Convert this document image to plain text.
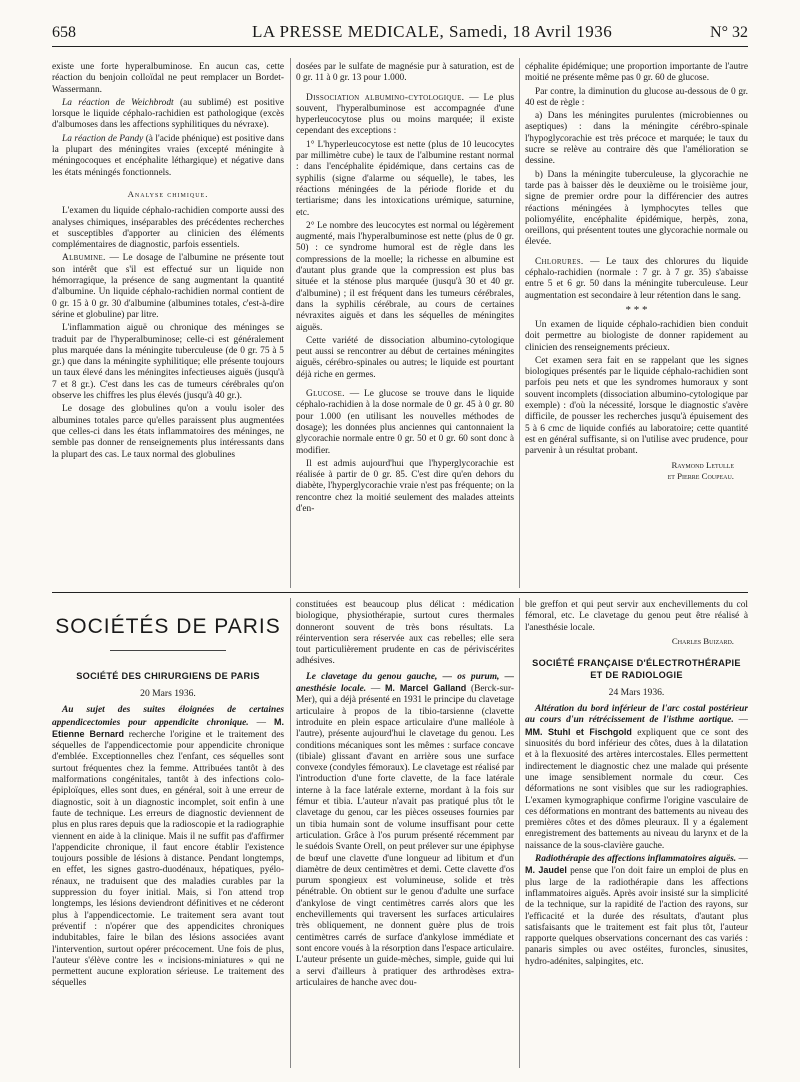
658	LA PRESSE MEDICALE, Samedi, 18 Avril 1936	N° 32

existe une forte hyperalbuminose. En aucun cas, cette réaction du benjoin colloïdal ne peut remplacer un Bordet-Wassermann.

La réaction de Weichbrodt (au sublimé) est positive lorsque le liquide céphalo-rachidien est pathologique (excès d'albumoses dans les affections syphilitiques du névraxe).

La réaction de Pandy (à l'acide phénique) est positive dans la plupart des méningites vraies (excepté méningite à méningocoques et encéphalite léthargique) et négative dans les états méningés fonctionnels.

Analyse chimique.

L'examen du liquide céphalo-rachidien comporte aussi des analyses chimiques, inséparables des précédentes recherches et susceptibles d'apporter au clinicien des éléments complémentaires de diagnostic, parfois essentiels.

Albumine. — Le dosage de l'albumine ne présente tout son intérêt que s'il est effectué sur un liquide non hémorragique, la présence de sang augmentant la quantité d'albumine. Un liquide céphalo-rachidien normal contient de 0 gr. 15 à 0 gr. 30 d'albumine (albumines totales, c'est-à-dire sérine et globuline) par litre.

L'inflammation aiguë ou chronique des méninges se traduit par de l'hyperalbuminose; celle-ci est généralement plus marquée dans la méningite tuberculeuse (de 0 gr. 75 à 5 gr.) que dans la méningite syphilitique; elle présente toujours un taux élevé dans les méningites infectieuses aiguës (jusqu'à 7 et 8 gr.). C'est dans les cas de tumeurs cérébrales qu'on observe les chiffres les plus élevés (jusqu'à 40 gr.).

Le dosage des globulines qu'on a voulu isoler des albumines totales parce qu'elles paraissent plus augmentées que celles-ci dans les états inflammatoires des méninges, ne semble pas donner de renseignements plus intéressants dans la plupart des cas. Le taux normal des globulines

dosées par le sulfate de magnésie pur à saturation, est de 0 gr. 11 à 0 gr. 13 pour 1.000.

Dissociation albumino-cytologique. — Le plus souvent, l'hyperalbuminose est accompagnée d'une hyperleucocytose plus ou moins marquée; il existe cependant des exceptions :

1° L'hyperleucocytose est nette (plus de 10 leucocytes par millimètre cube) le taux de l'albumine restant normal : dans l'encéphalite épidémique, dans certains cas de syphilis (signe d'alarme ou séquelle), le tabes, les réactions méningées de la période floride et du tertiarisme; dans les intoxications urémique, saturnine, etc.

2° Le nombre des leucocytes est normal ou légèrement augmenté, mais l'hyperalbuminose est nette (plus de 0 gr. 50) : ce syndrome humoral est de règle dans les compressions de la moelle; la richesse en albumine est d'autant plus grande que la compression est plus bas située et la sténose plus marquée (jusqu'à 30 et 40 gr. d'albumine) ; il est fréquent dans les tumeurs cérébrales, dans la syphilis cérébrale, au cours de certaines névraxites aiguës et dans les séquelles de méningites aiguës.

Cette variété de dissociation albumino-cytologique peut aussi se rencontrer au début de certaines méningites aiguës, cérébro-spinales ou autres; le liquide est pourtant déjà riche en germes.

Glucose. — Le glucose se trouve dans le liquide céphalo-rachidien à la dose normale de 0 gr. 45 à 0 gr. 80 pour 1.000 (en utilisant les nouvelles méthodes de dosage); les données plus anciennes qui cantonnaient la glycorachie normale entre 0 gr. 50 et 0 gr. 60 sont donc à modifier.

Il est admis aujourd'hui que l'hyperglycorachie est réalisée à partir de 0 gr. 85. C'est dire qu'en dehors du diabète, l'hyperglycorachie vraie n'est pas fréquente; on la rencontre chez la moitié seulement des malades atteints d'en-

céphalite épidémique; une proportion importante de l'autre moitié ne présente même pas 0 gr. 60 de glucose.

Par contre, la diminution du glucose au-dessous de 0 gr. 40 est de règle :

a) Dans les méningites purulentes (microbiennes ou aseptiques) : dans la méningite cérébro-spinale l'hypoglycorachie est très précoce et marquée; le taux du sucre se relève au contraire dès que l'amélioration se dessine.

b) Dans la méningite tuberculeuse, la glycorachie ne tarde pas à baisser dès le deuxième ou le troisième jour, signe de premier ordre pour la différencier des autres réactions méningées à lymphocytes telles que poliomyélite, encéphalite épidémique, herpès, zona, oreillons, qui présentent toutes une glycorachie normale ou élevée.

Chlorures. — Le taux des chlorures du liquide céphalo-rachidien (normale : 7 gr. à 7 gr. 35) s'abaisse entre 5 et 6 gr. 50 dans la méningite tuberculeuse. Leur augmentation est secondaire à leur rétention dans le sang.

* * *

Un examen de liquide céphalo-rachidien bien conduit doit permettre au biologiste de donner rapidement au clinicien des renseignements précieux.

Cet examen sera fait en se rappelant que les signes biologiques présentés par le liquide céphalo-rachidien sont parfois peu nets et que les syndromes humoraux y sont souvent incomplets (dissociation albumino-cytologique par exemple) : d'où la nécessité, lorsque le diagnostic s'avère difficile, de pousser les recherches jusqu'à épuisement des 5 à 6 cmc de liquide confiés au laboratoire; cette quantité est en général suffisante, si on l'utilise avec prudence, pour parvenir à un résultat probant.

Raymond Letulle
et Pierre Coupeau.
SOCIÉTÉS DE PARIS
SOCIÉTÉ DES CHIRURGIENS DE PARIS
20 Mars 1936.

Au sujet des suites éloignées de certaines appendicectomies pour appendicite chronique. — M. Etienne Bernard recherche l'origine et le traitement des séquelles de l'appendicectomie pour appendicite chronique d'emblée. Exceptionnelles chez l'enfant, ces séquelles sont surtout fréquentes chez la femme. Attribuées tantôt à des malformations congénitales, tantôt à des infections colo-épiploïques, elles sont dues, en général, soit à une erreur de diagnostic, soit à un diagnostic incomplet, soit enfin à une faute de technique. Les erreurs de diagnostic deviennent de plus en plus rares depuis que la radioscopie et la radiographie viennent en aide à la clinique. Mais il ne suffit pas d'affirmer l'appendicite chronique, il faut encore établir l'existence toujours possible de lésions à distance. Pendant longtemps, en effet, les signes gastro-duodénaux, hépatiques, pyélo-rénaux, ne traduisent que des maladies curables par la suppression du foyer initial. Mais, si l'on attend trop longtemps, les lésions deviendront définitives et ne céderont plus à l'appendicectomie. Le traitement sera avant tout préventif : n'opérer que des appendicites chroniques indubitables, faire le bilan des lésions associées avant l'intervention, surtout opérer précocement. Une fois de plus, l'auteur s'élève contre les « incisions-miniatures » qui ne permettent aucune exploration sérieuse. Le traitement des séquelles

constituées est beaucoup plus délicat : médication biologique, physiothérapie, surtout cures thermales donneront souvent de très bons résultats. La réintervention sera réservée aux cas rebelles; elle sera tout particulièrement prudente en cas de périviscérites adhésives.

Le clavetage du genou gauche, — os purum, — anesthésie locale. — M. Marcel Galland (Berck-sur-Mer), qui a déjà présenté en 1931 le principe du clavetage articulaire à propos de la tibio-tarsienne (clavette introduite en plein espace articulaire d'une malléole à l'autre), présente aujourd'hui le clavetage du genou. Les conditions mécaniques sont les mêmes : surface concave (tibiale) glissant d'avant en arrière sous une surface convexe (condyles fémoraux). Le clavetage est réalisé par l'introduction d'une forte clavette, de la face latérale interne à la face latérale externe, mordant à la fois sur fémur et tibia. L'auteur n'avait pas pratiqué plus tôt le clavetage du genou, car les pièces osseuses fournies par un tibia humain sont de volume insuffisant pour cette articulation. Grâce à l'os purum présenté récemment par le suédois Svante Orell, on peut prélever sur une épiphyse de bœuf une clavette d'une longueur ad libitum et d'un diamètre de deux centimètres et demi. Cette clavette d'os purum spongieux est volumineuse, solide et très pénétrable. On obtient sur le genou d'adulte une surface d'ankylose de vingt centimètres carrés alors que les enchevillements qui traversent les surfaces articulaires très obliquement, ne donnent guère plus de trois centimètres carrés de surface d'ankylose immédiate et sont encore voués à la résorption dans l'espace articulaire. L'auteur présente un guide-mèches, simple, guide qui lui a servi d'ailleurs à pratiquer des arthrodèses extra-articulaires de hanche avec dou-

ble greffon et qui peut servir aux enchevillements du col fémoral, etc. Le clavetage du genou peut être réalisé à l'anesthésie locale.

Charles Buizard.
SOCIÉTÉ FRANÇAISE D'ÉLECTROTHÉRAPIE
ET DE RADIOLOGIE
24 Mars 1936.

Altération du bord inférieur de l'arc costal postérieur au cours d'un rétrécissement de l'isthme aortique. — MM. Stuhl et Fischgold expliquent que ce sont des sinuosités du bord inférieur des côtes, dues à la dilatation et à la flexuosité des artères intercostales. Elles permettent indirectement le diagnostic chez une malade qui présente une image sensiblement normale du cœur. Ces déformations ne sont visibles que sur les radiographies. L'examen kymographique confirme l'origine vasculaire de ces déformations en montrant des battements au niveau des premières côtes et des dômes pleuraux. Il y a également enregistrement des battements au niveau du larynx et de la naissance de la sous-clavière gauche.

Radiothérapie des affections inflammatoires aiguës. — M. Jaudel pense que l'on doit faire un emploi de plus en plus large de la radiothérapie dans les affections inflammatoires aiguës. Après avoir insisté sur la simplicité de la technique, sur la rapidité de l'action des rayons, sur l'efficacité et la durée des résultats, d'autant plus satisfaisants que le traitement est fait plus tôt, l'auteur rapporte quelques observations concernant des cas variés : panaris simples ou avec ostéites, furoncles, sinusites, hydro-adénites, salpingites, etc.
